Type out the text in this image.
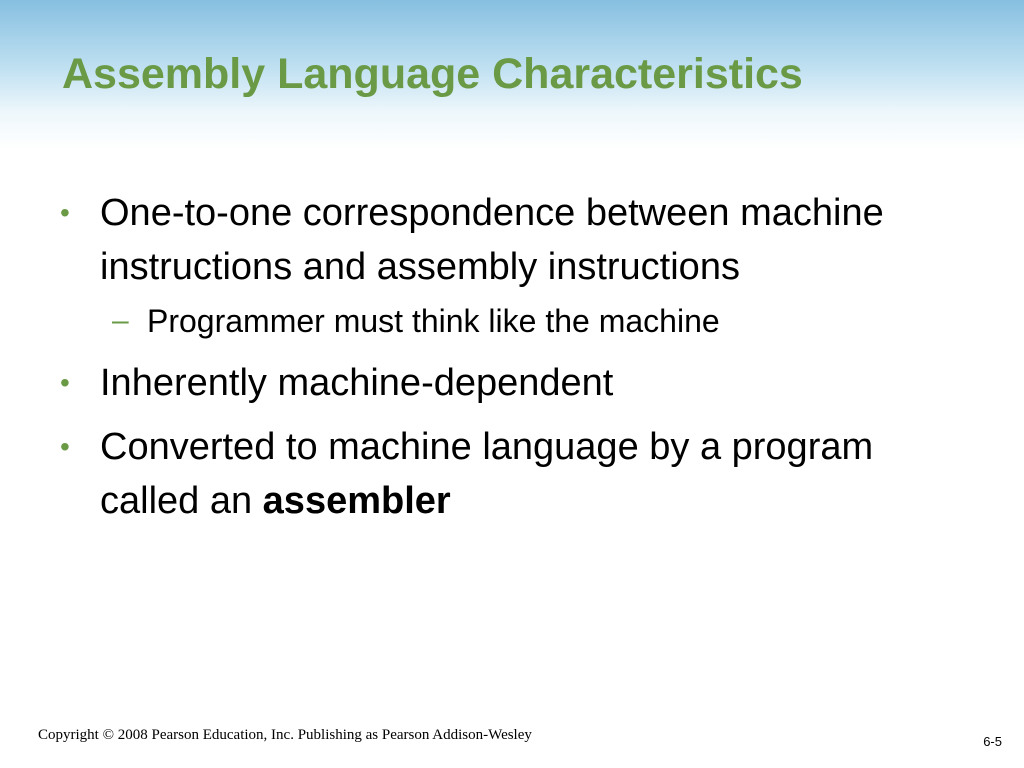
Assembly Language Characteristics
• One-to-one correspondence between machine instructions and assembly instructions
– Programmer must think like the machine
• Inherently machine-dependent
• Converted to machine language by a program called an assembler
Copyright © 2008 Pearson Education, Inc. Publishing as Pearson Addison-Wesley	6-5
